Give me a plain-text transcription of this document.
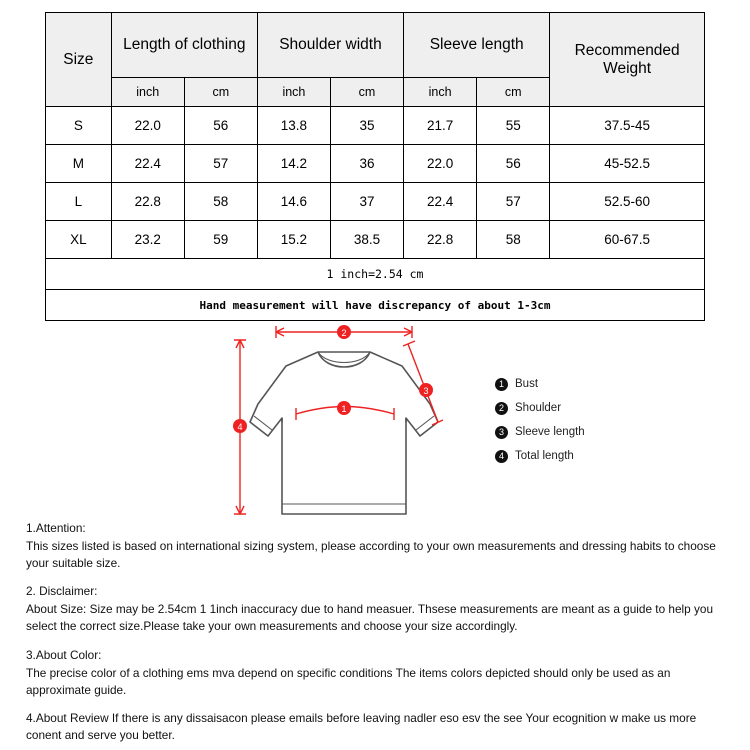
Size	Length of clothing		Shoulder width		Sleeve length		Recommended Weight
	inch	cm	inch	cm	inch	cm	
S	22.0	56	13.8	35	21.7	55	37.5-45
M	22.4	57	14.2	36	22.0	56	45-52.5
L	22.8	58	14.6	37	22.4	57	52.5-60
XL	23.2	59	15.2	38.5	22.8	58	60-67.5
1 inch=2.54 cm							
Hand measurement will have discrepancy of about 1-3cm							
2
4
3
1
1 Bust
2 Shoulder
3 Sleeve length
4 Total length

1.Attention:

This sizes listed is based on international sizing system, please according to your own measurements and dressing habits to choose your suitable size.

2. Disclaimer:

About Size: Size may be 2.54cm 1 1inch inaccuracy due to hand measuer. Thsese measurements are meant as a guide to help you select the correct size.Please take your own measurements and choose your size accordingly.

3.About Color:

The precise color of a clothing ems mva depend on specific conditions The items colors depicted should only be used as an approximate guide.

4.About Review If there is any dissaisacon please emails before leaving nadler eso esv the see Your ecognition w make us more conent and serve you better.
